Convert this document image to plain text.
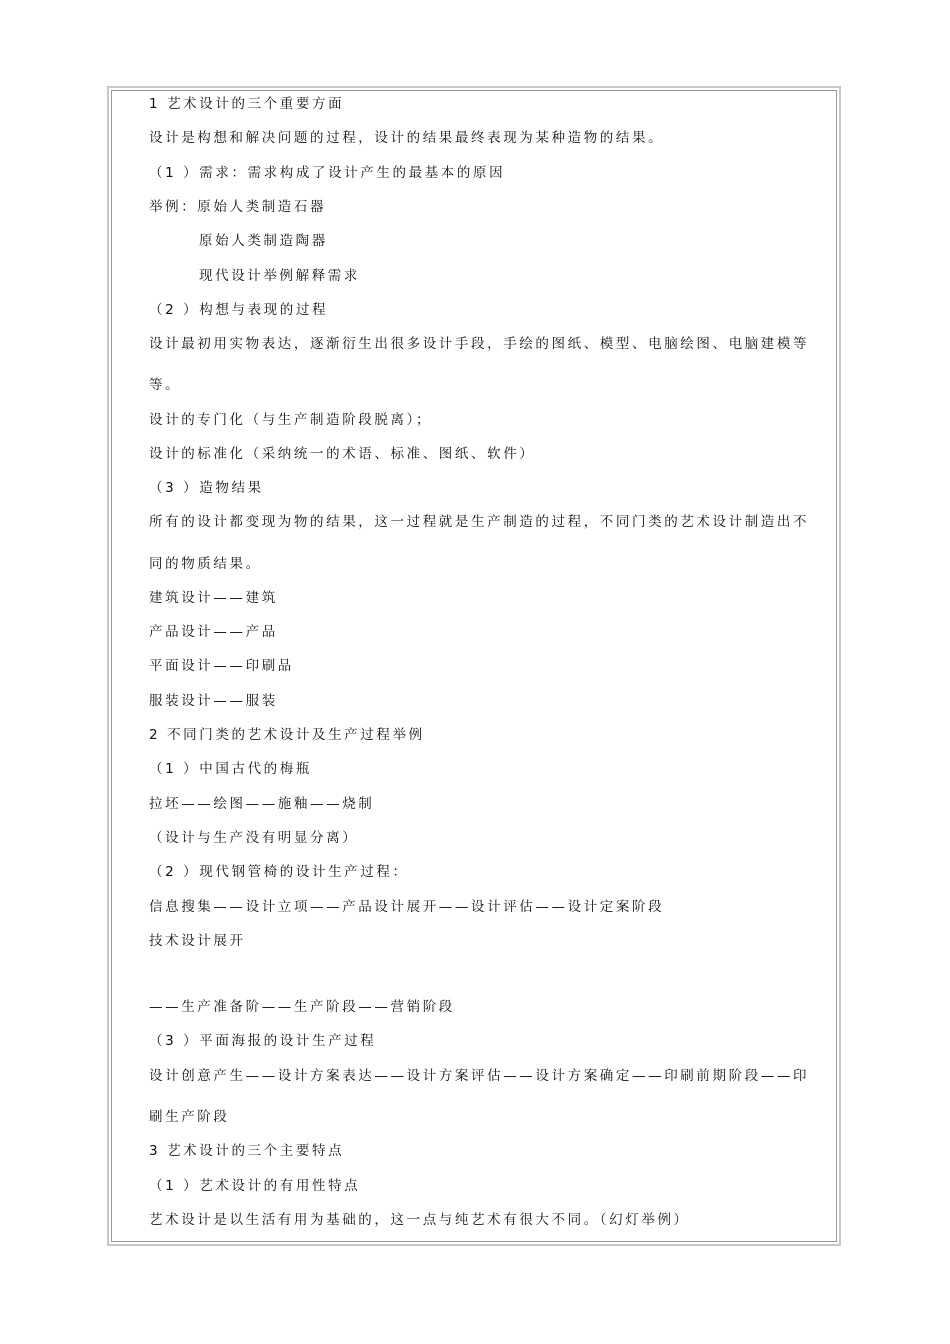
1 艺术设计的三个重要方面
设计是构想和解决问题的过程，设计的结果最终表现为某种造物的结果。
（1 ）需求：需求构成了设计产生的最基本的原因
举例：原始人类制造石器
原始人类制造陶器
现代设计举例解释需求
（2 ）构想与表现的过程
设计最初用实物表达，逐渐衍生出很多设计手段，手绘的图纸、模型、电脑绘图、电脑建模等
等。
设计的专门化（与生产制造阶段脱离）；
设计的标准化（采纳统一的术语、标准、图纸、软件）
（3 ）造物结果
所有的设计都变现为物的结果，这一过程就是生产制造的过程，不同门类的艺术设计制造出不
同的物质结果。
建筑设计——建筑
产品设计——产品
平面设计——印刷品
服装设计——服装
2 不同门类的艺术设计及生产过程举例
（1 ）中国古代的梅瓶
拉坯——绘图——施釉——烧制
（设计与生产没有明显分离）
（2 ）现代钢管椅的设计生产过程：
信息搜集——设计立项——产品设计展开——设计评估——设计定案阶段
技术设计展开
——生产准备阶——生产阶段——营销阶段
（3 ）平面海报的设计生产过程
设计创意产生——设计方案表达——设计方案评估——设计方案确定——印刷前期阶段——印
刷生产阶段
3 艺术设计的三个主要特点
（1 ）艺术设计的有用性特点
艺术设计是以生活有用为基础的，这一点与纯艺术有很大不同。（幻灯举例）
